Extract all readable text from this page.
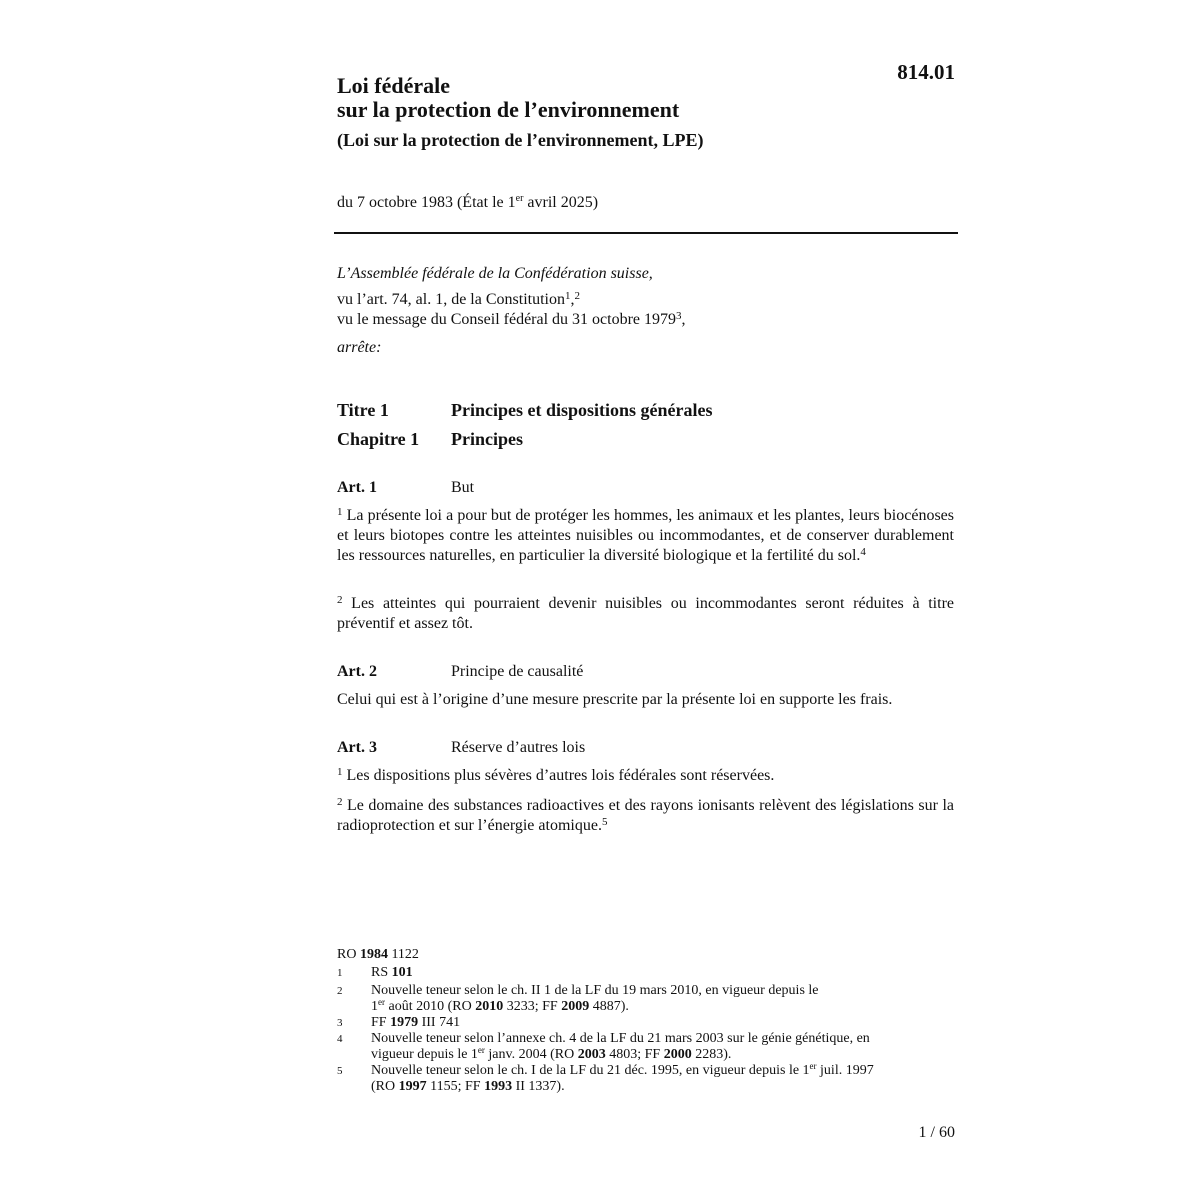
814.01
Loi fédérale
sur la protection de l’environnement
(Loi sur la protection de l’environnement, LPE)
du 7 octobre 1983 (État le 1er avril 2025)
L’Assemblée fédérale de la Confédération suisse,
vu l’art. 74, al. 1, de la Constitution$^1$,$^2$
vu le message du Conseil fédéral du 31 octobre 1979$^3$,
arrête:
Titre 1	Principes et dispositions générales
Chapitre 1 Principes
Art. 1	But
$^1$ La présente loi a pour but de protéger les hommes, les animaux et les plantes, leurs biocénoses et leurs biotopes contre les atteintes nuisibles ou incommodantes, et de conserver durablement les ressources naturelles, en particulier la diversité biologique et la fertilité du sol.$^4$
$^2$ Les atteintes qui pourraient devenir nuisibles ou incommodantes seront réduites à titre préventif et assez tôt.
Art. 2	Principe de causalité
Celui qui est à l’origine d’une mesure prescrite par la présente loi en supporte les frais.
Art. 3	Réserve d’autres lois
$^1$ Les dispositions plus sévères d’autres lois fédérales sont réservées.
$^2$ Le domaine des substances radioactives et des rayons ionisants relèvent des législations sur la radioprotection et sur l’énergie atomique.$^5$
RO 1984 1122
1 RS 101
2 Nouvelle teneur selon le ch. II 1 de la LF du 19 mars 2010, en vigueur depuis le
1er août 2010 (RO 2010 3233; FF 2009 4887).
3 FF 1979 III 741
4 Nouvelle teneur selon l’annexe ch. 4 de la LF du 21 mars 2003 sur le génie génétique, en
vigueur depuis le 1er janv. 2004 (RO 2003 4803; FF 2000 2283).
5 Nouvelle teneur selon le ch. I de la LF du 21 déc. 1995, en vigueur depuis le 1er juil. 1997
(RO 1997 1155; FF 1993 II 1337).
1 / 60
